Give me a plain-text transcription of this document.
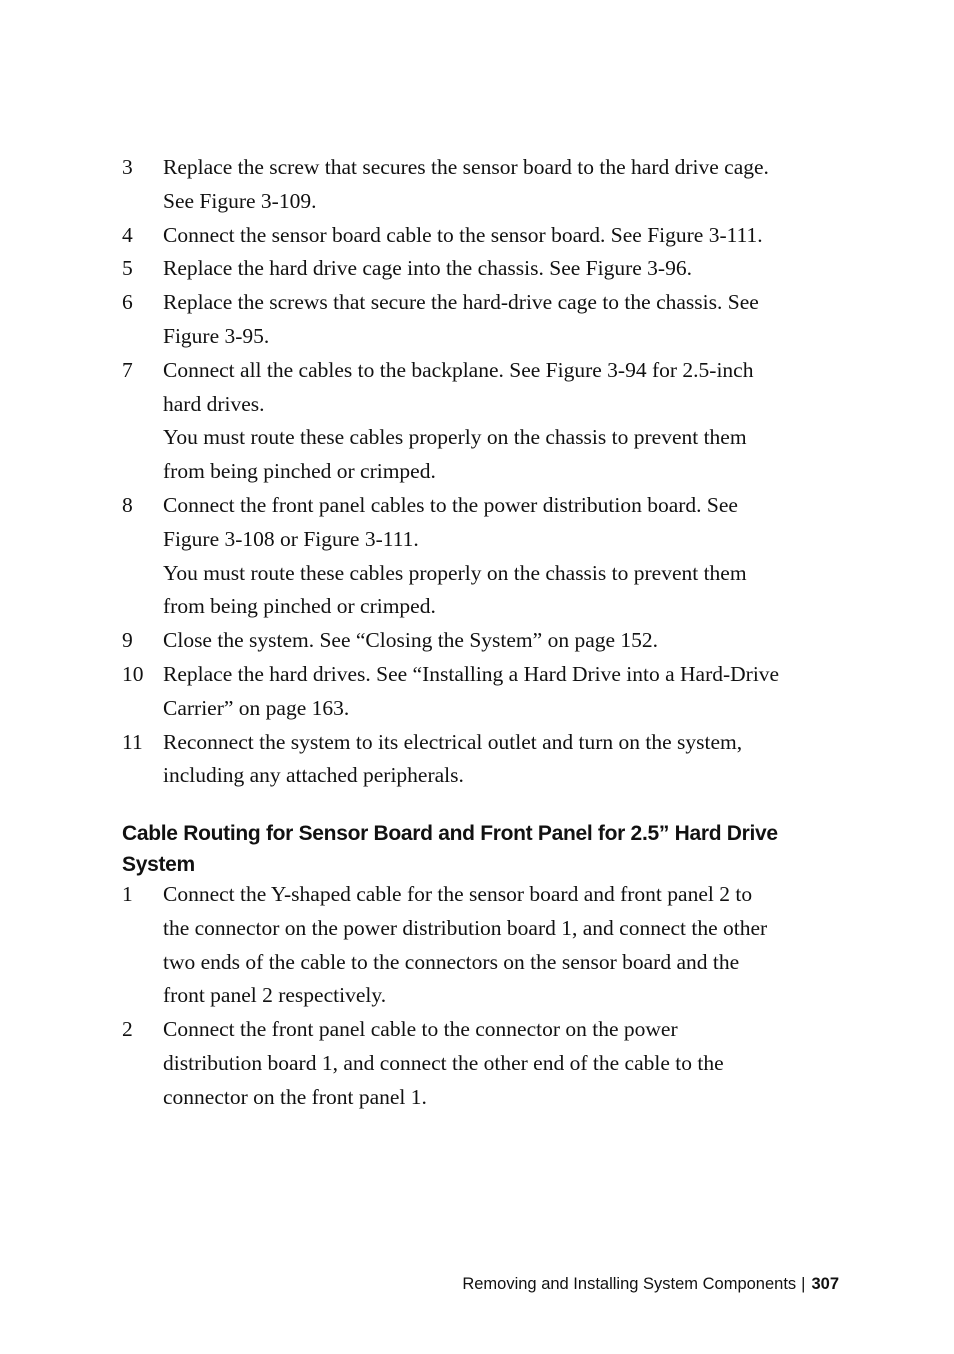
3	Replace the screw that secures the sensor board to the hard drive cage.
See Figure 3-109.
4	Connect the sensor board cable to the sensor board. See Figure 3-111.
5	Replace the hard drive cage into the chassis. See Figure 3-96.
6	Replace the screws that secure the hard-drive cage to the chassis. See
Figure 3-95.
7	Connect all the cables to the backplane. See Figure 3-94 for 2.5-inch
hard drives.
You must route these cables properly on the chassis to prevent them
from being pinched or crimped.
8	Connect the front panel cables to the power distribution board. See
Figure 3-108 or Figure 3-111.
You must route these cables properly on the chassis to prevent them
from being pinched or crimped.
9	Close the system. See “Closing the System” on page 152.
10 Replace the hard drives. See “Installing a Hard Drive into a Hard-Drive
Carrier” on page 163.
11 Reconnect the system to its electrical outlet and turn on the system,
including any attached peripherals.
Cable Routing for Sensor Board and Front Panel for 2.5” Hard Drive
System
1	Connect the Y-shaped cable for the sensor board and front panel 2 to
the connector on the power distribution board 1, and connect the other
two ends of the cable to the connectors on the sensor board and the
front panel 2 respectively.
2	Connect the front panel cable to the connector on the power
distribution board 1, and connect the other end of the cable to the
connector on the front panel 1.
Removing and Installing System Components | 307
